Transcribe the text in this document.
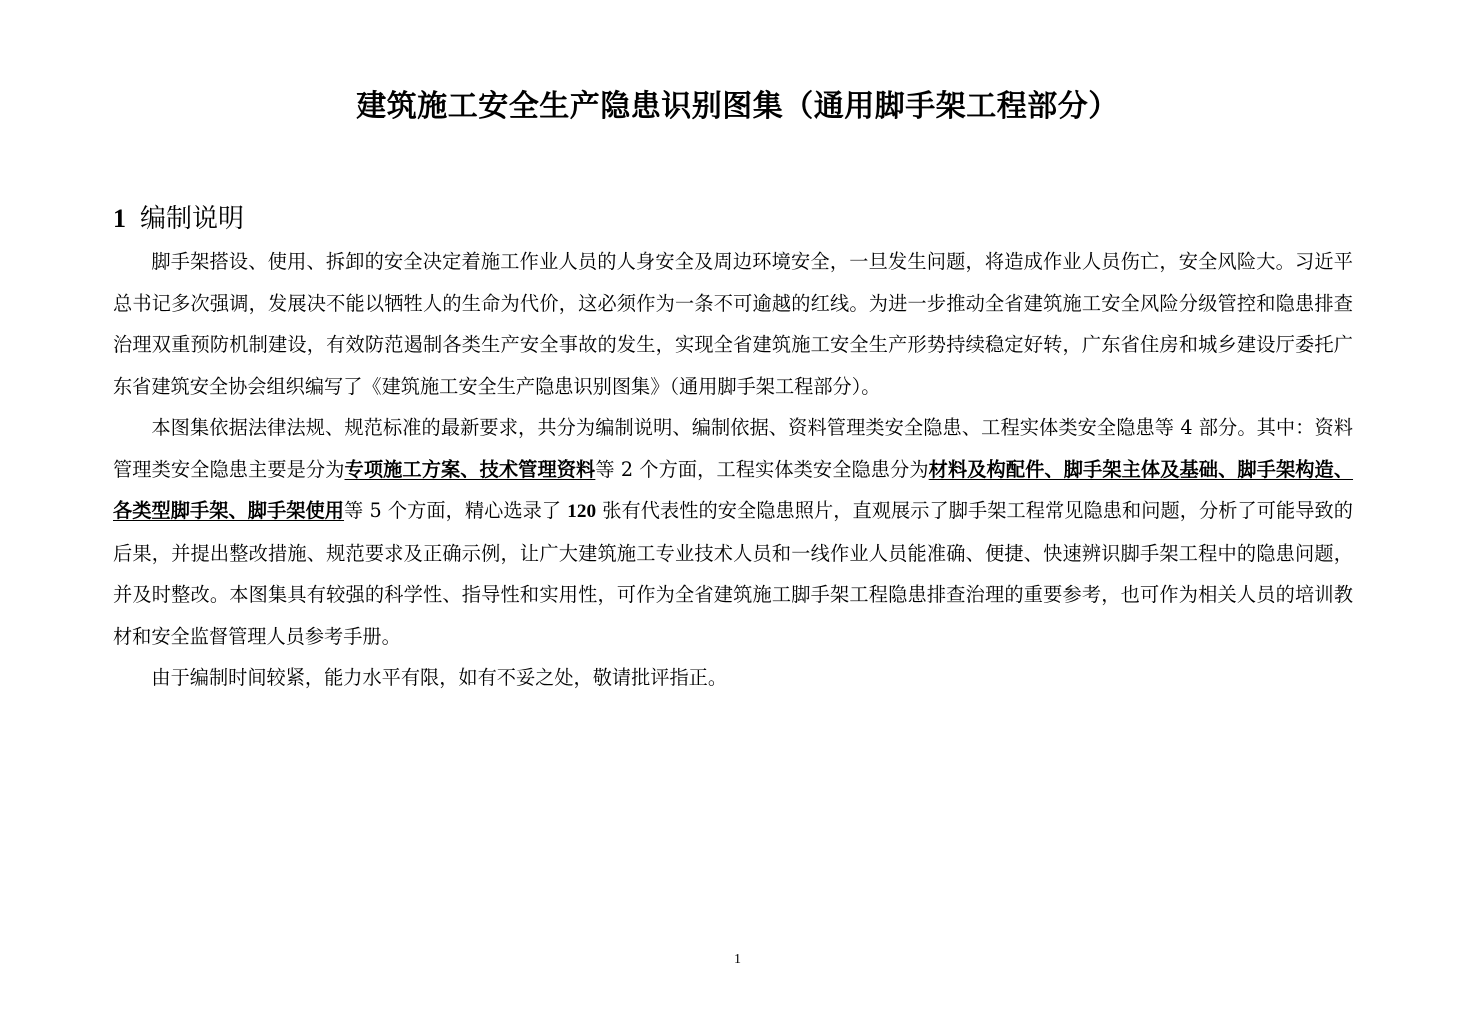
建筑施工安全生产隐患识别图集（通用脚手架工程部分）
1 编制说明

脚手架搭设、使用、拆卸的安全决定着施工作业人员的人身安全及周边环境安全，一旦发生问题，将造成作业人员伤亡，安全风险大。习近平总书记多次强调，发展决不能以牺牲人的生命为代价，这必须作为一条不可逾越的红线。为进一步推动全省建筑施工安全风险分级管控和隐患排查治理双重预防机制建设，有效防范遏制各类生产安全事故的发生，实现全省建筑施工安全生产形势持续稳定好转，广东省住房和城乡建设厅委托广东省建筑安全协会组织编写了《建筑施工安全生产隐患识别图集》（通用脚手架工程部分）。

本图集依据法律法规、规范标准的最新要求，共分为编制说明、编制依据、资料管理类安全隐患、工程实体类安全隐患等 4 部分。其中：资料管理类安全隐患主要是分为专项施工方案、技术管理资料等 2 个方面，工程实体类安全隐患分为材料及构配件、脚手架主体及基础、脚手架构造、各类型脚手架、脚手架使用等 5 个方面，精心选录了 120 张有代表性的安全隐患照片，直观展示了脚手架工程常见隐患和问题，分析了可能导致的后果，并提出整改措施、规范要求及正确示例，让广大建筑施工专业技术人员和一线作业人员能准确、便捷、快速辨识脚手架工程中的隐患问题，并及时整改。本图集具有较强的科学性、指导性和实用性，可作为全省建筑施工脚手架工程隐患排查治理的重要参考，也可作为相关人员的培训教材和安全监督管理人员参考手册。

由于编制时间较紧，能力水平有限，如有不妥之处，敬请批评指正。

1
